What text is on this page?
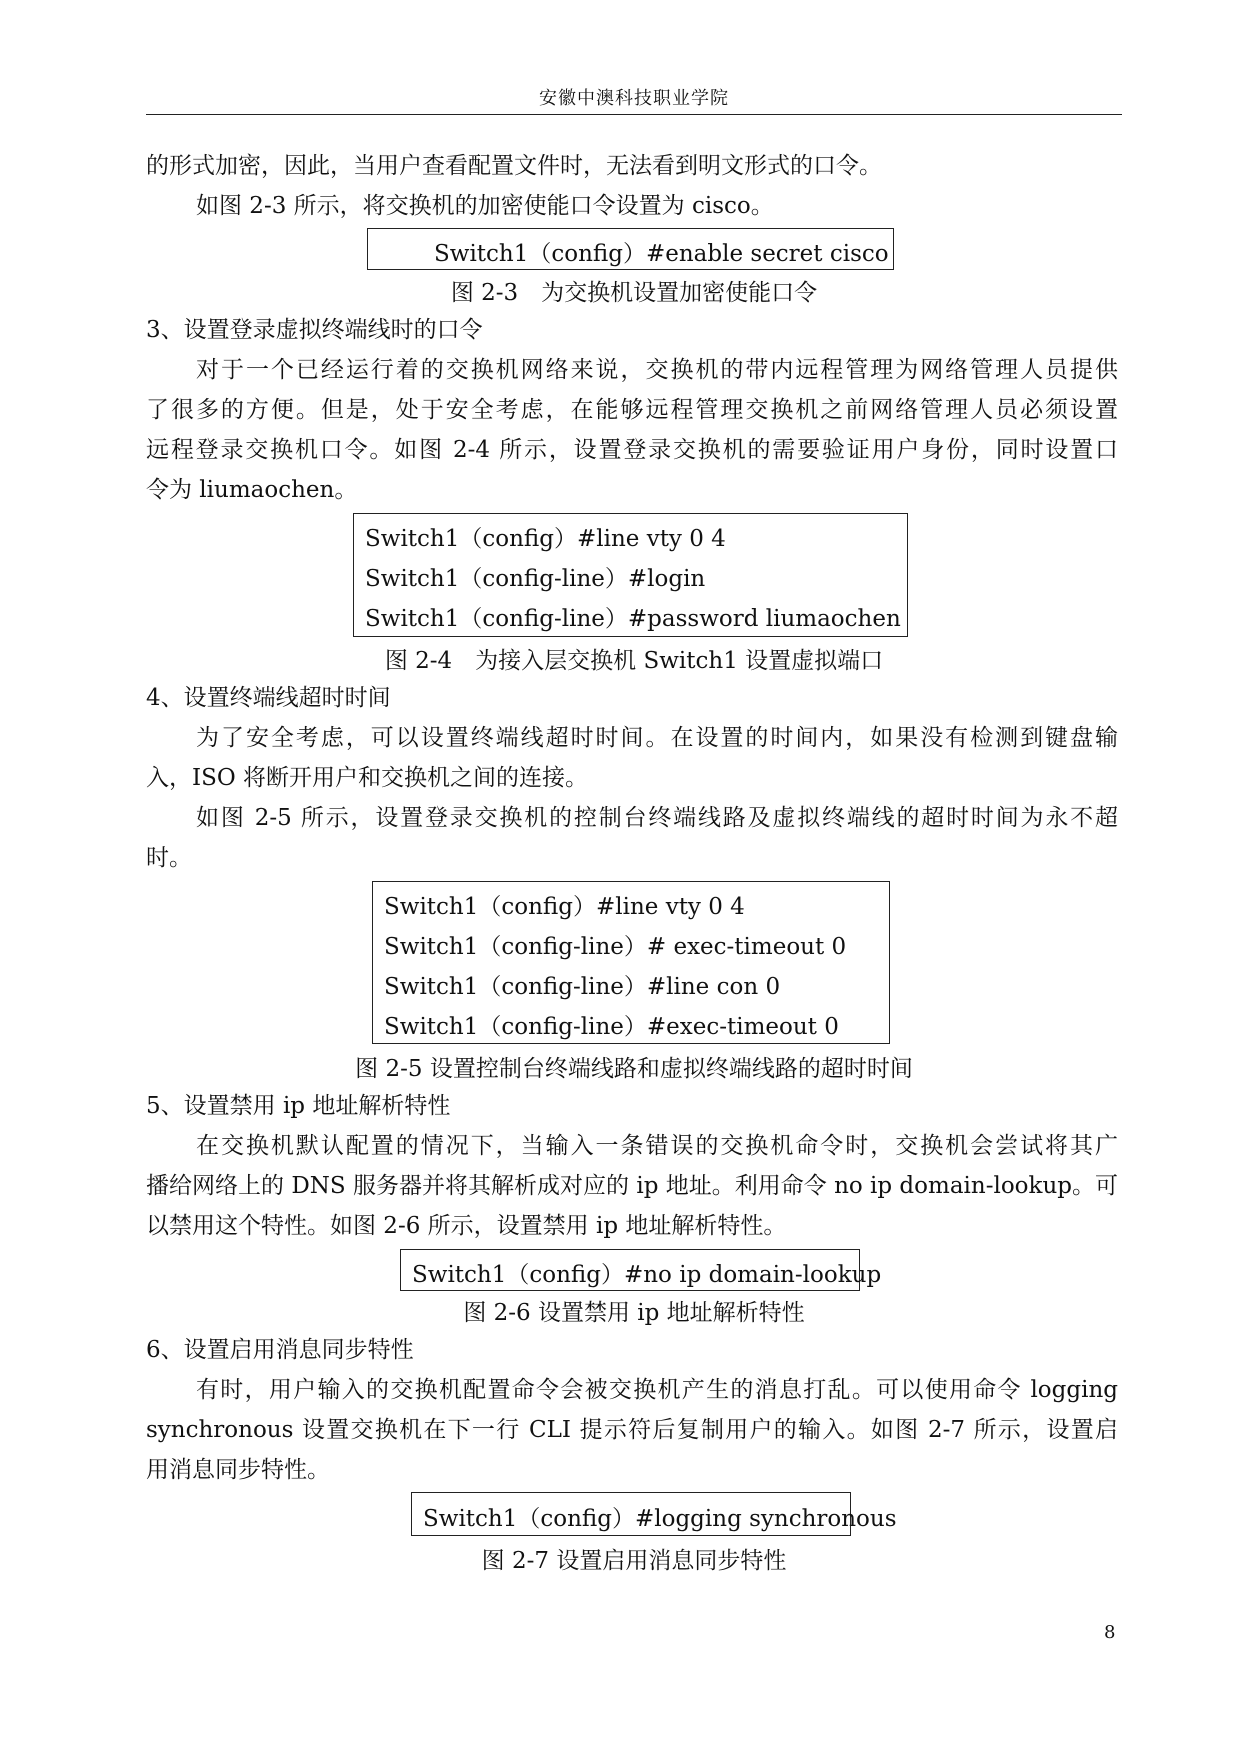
安徽中澳科技职业学院
的形式加密，因此，当用户查看配置文件时，无法看到明文形式的口令。
如图 2-3 所示，将交换机的加密使能口令设置为 cisco。
Switch1（config）#enable secret cisco
图 2-3　为交换机设置加密使能口令
3、设置登录虚拟终端线时的口令
对于一个已经运行着的交换机网络来说，交换机的带内远程管理为网络管理人员提供
了很多的方便。但是，处于安全考虑，在能够远程管理交换机之前网络管理人员必须设置
远程登录交换机口令。如图 2-4 所示，设置登录交换机的需要验证用户身份，同时设置口
令为 liumaochen。
Switch1（config）#line vty 0 4
Switch1（config-line）#login
Switch1（config-line）#password liumaochen
图 2-4　为接入层交换机 Switch1 设置虚拟端口
4、设置终端线超时时间
为了安全考虑，可以设置终端线超时时间。在设置的时间内，如果没有检测到键盘输
入，ISO 将断开用户和交换机之间的连接。
如图 2-5 所示，设置登录交换机的控制台终端线路及虚拟终端线的超时时间为永不超
时。
Switch1（config）#line vty 0 4
Switch1（config-line）# exec-timeout 0
Switch1（config-line）#line con 0
Switch1（config-line）#exec-timeout 0
图 2-5 设置控制台终端线路和虚拟终端线路的超时时间
5、设置禁用 ip 地址解析特性
在交换机默认配置的情况下，当输入一条错误的交换机命令时，交换机会尝试将其广
播给网络上的 DNS 服务器并将其解析成对应的 ip 地址。利用命令 no ip domain-lookup。可
以禁用这个特性。如图 2-6 所示，设置禁用 ip 地址解析特性。
Switch1（config）#no ip domain-lookup
图 2-6 设置禁用 ip 地址解析特性
6、设置启用消息同步特性
有时，用户输入的交换机配置命令会被交换机产生的消息打乱。可以使用命令 logging
synchronous 设置交换机在下一行 CLI 提示符后复制用户的输入。如图 2-7 所示，设置启
用消息同步特性。
Switch1（config）#logging synchronous
图 2-7 设置启用消息同步特性
8
